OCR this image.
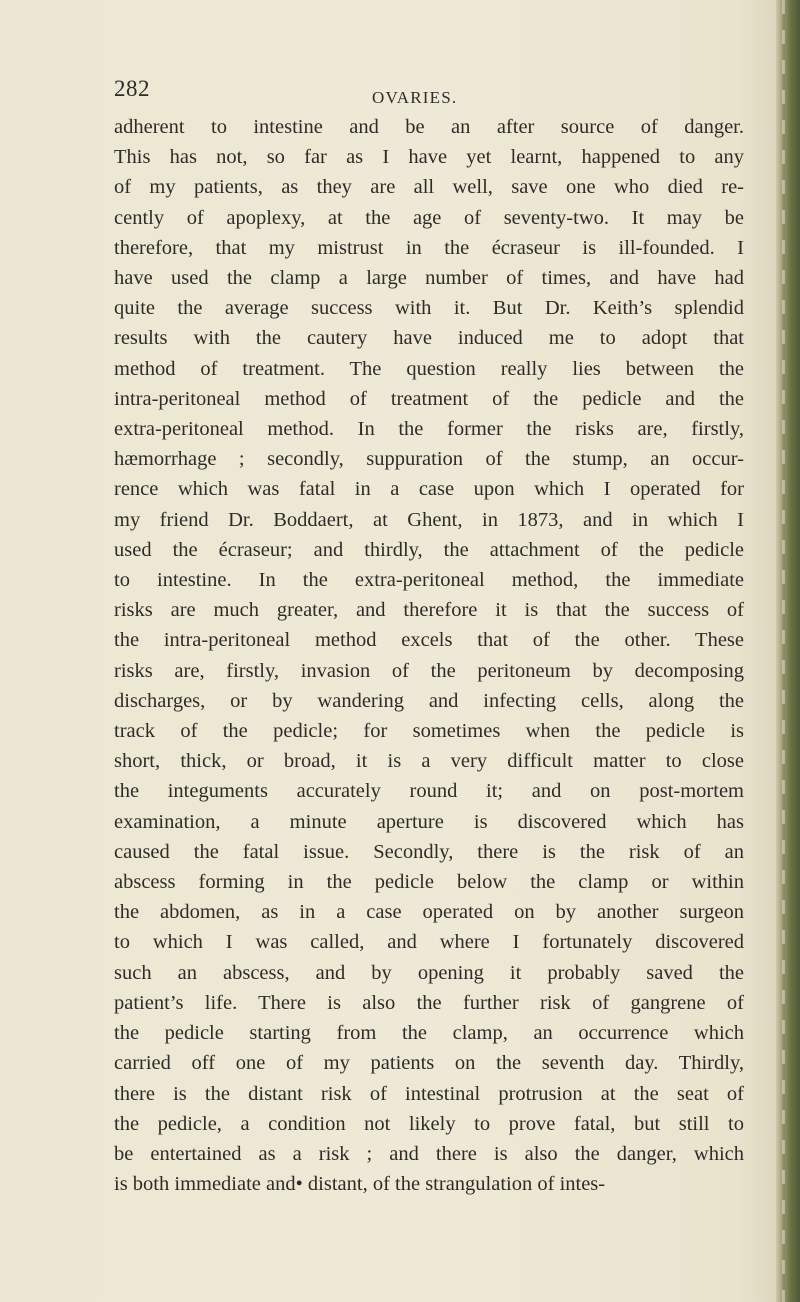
282	OVARIES.
adherent to intestine and be an after source of danger.
This has not, so far as I have yet learnt, happened to any
of my patients, as they are all well, save one who died re-
cently of apoplexy, at the age of seventy-two. It may be
therefore, that my mistrust in the écraseur is ill-founded. I
have used the clamp a large number of times, and have had
quite the average success with it. But Dr. Keith’s splendid
results with the cautery have induced me to adopt that
method of treatment. The question really lies between the
intra-peritoneal method of treatment of the pedicle and the
extra-peritoneal method. In the former the risks are, firstly,
hæmorrhage ; secondly, suppuration of the stump, an occur-
rence which was fatal in a case upon which I operated for
my friend Dr. Boddaert, at Ghent, in 1873, and in which I
used the écraseur; and thirdly, the attachment of the pedicle
to intestine. In the extra-peritoneal method, the immediate
risks are much greater, and therefore it is that the success of
the intra-peritoneal method excels that of the other. These
risks are, firstly, invasion of the peritoneum by decomposing
discharges, or by wandering and infecting cells, along the
track of the pedicle; for sometimes when the pedicle is
short, thick, or broad, it is a very difficult matter to close
the integuments accurately round it; and on post-mortem
examination, a minute aperture is discovered which has
caused the fatal issue. Secondly, there is the risk of an
abscess forming in the pedicle below the clamp or within
the abdomen, as in a case operated on by another surgeon
to which I was called, and where I fortunately discovered
such an abscess, and by opening it probably saved the
patient’s life. There is also the further risk of gangrene of
the pedicle starting from the clamp, an occurrence which
carried off one of my patients on the seventh day. Thirdly,
there is the distant risk of intestinal protrusion at the seat of
the pedicle, a condition not likely to prove fatal, but still to
be entertained as a risk ; and there is also the danger, which
is both immediate and• distant, of the strangulation of intes-
